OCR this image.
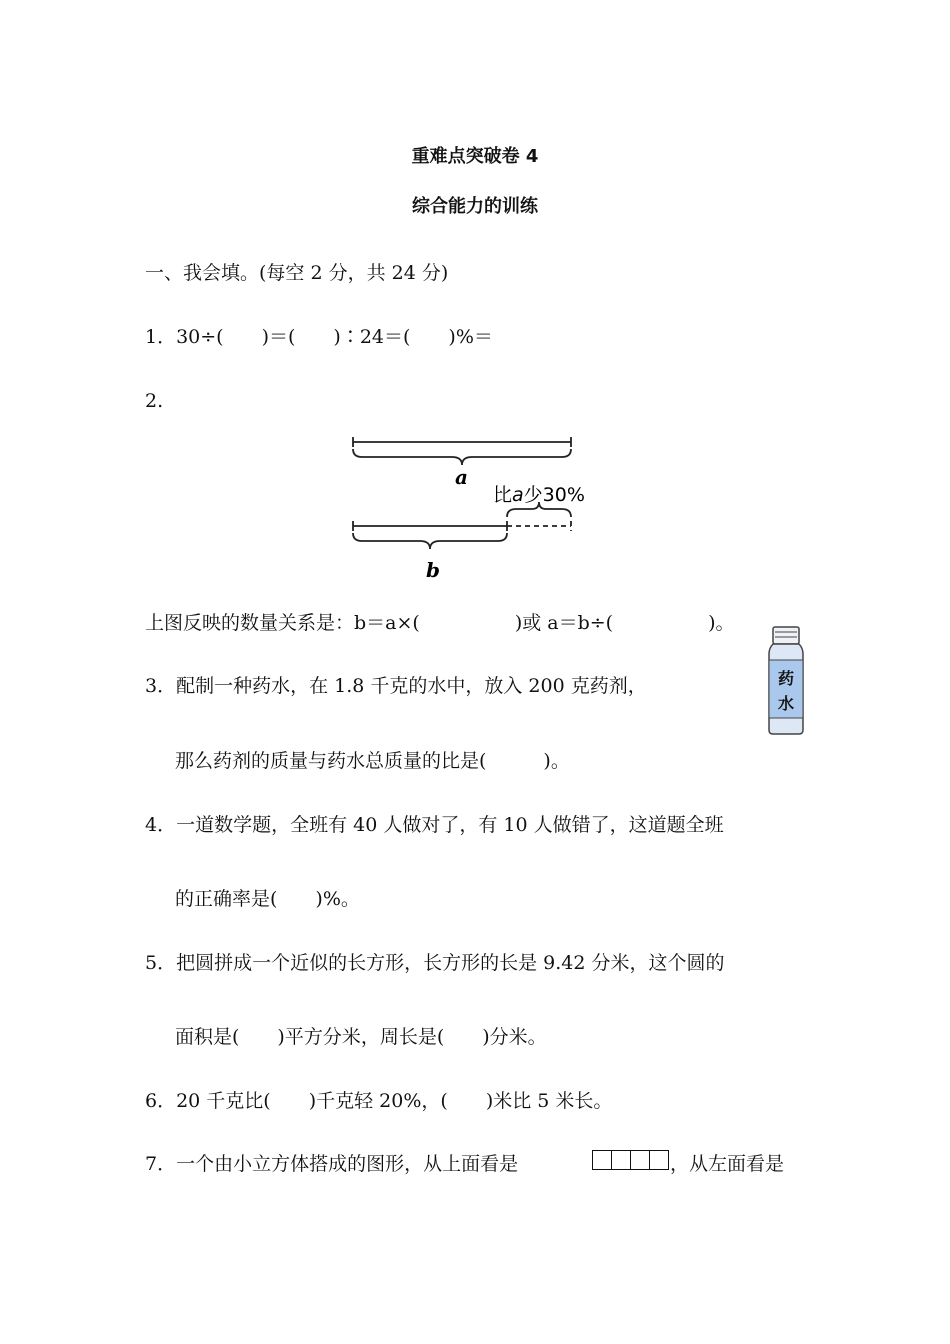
重难点突破卷 4
综合能力的训练
一、我会填。(每空 2 分，共 24 分)
1．30÷(　　)＝(　　)∶24＝(　　)%＝
2.
a
b
比a少30%
上图反映的数量关系是：b＝a×(　　　　　)或 a＝b÷(　　　　　)。
3．配制一种药水，在 1.8 千克的水中，放入 200 克药剂，
那么药剂的质量与药水总质量的比是(　　　)。
药
水
4．一道数学题，全班有 40 人做对了，有 10 人做错了，这道题全班
的正确率是(　　)%。
5．把圆拼成一个近似的长方形，长方形的长是 9.42 分米，这个圆的
面积是(　　)平方分米，周长是(　　)分米。
6．20 千克比(　　)千克轻 20%，(　　)米比 5 米长。
7．一个由小立方体搭成的图形，从上面看是	，从左面看是
